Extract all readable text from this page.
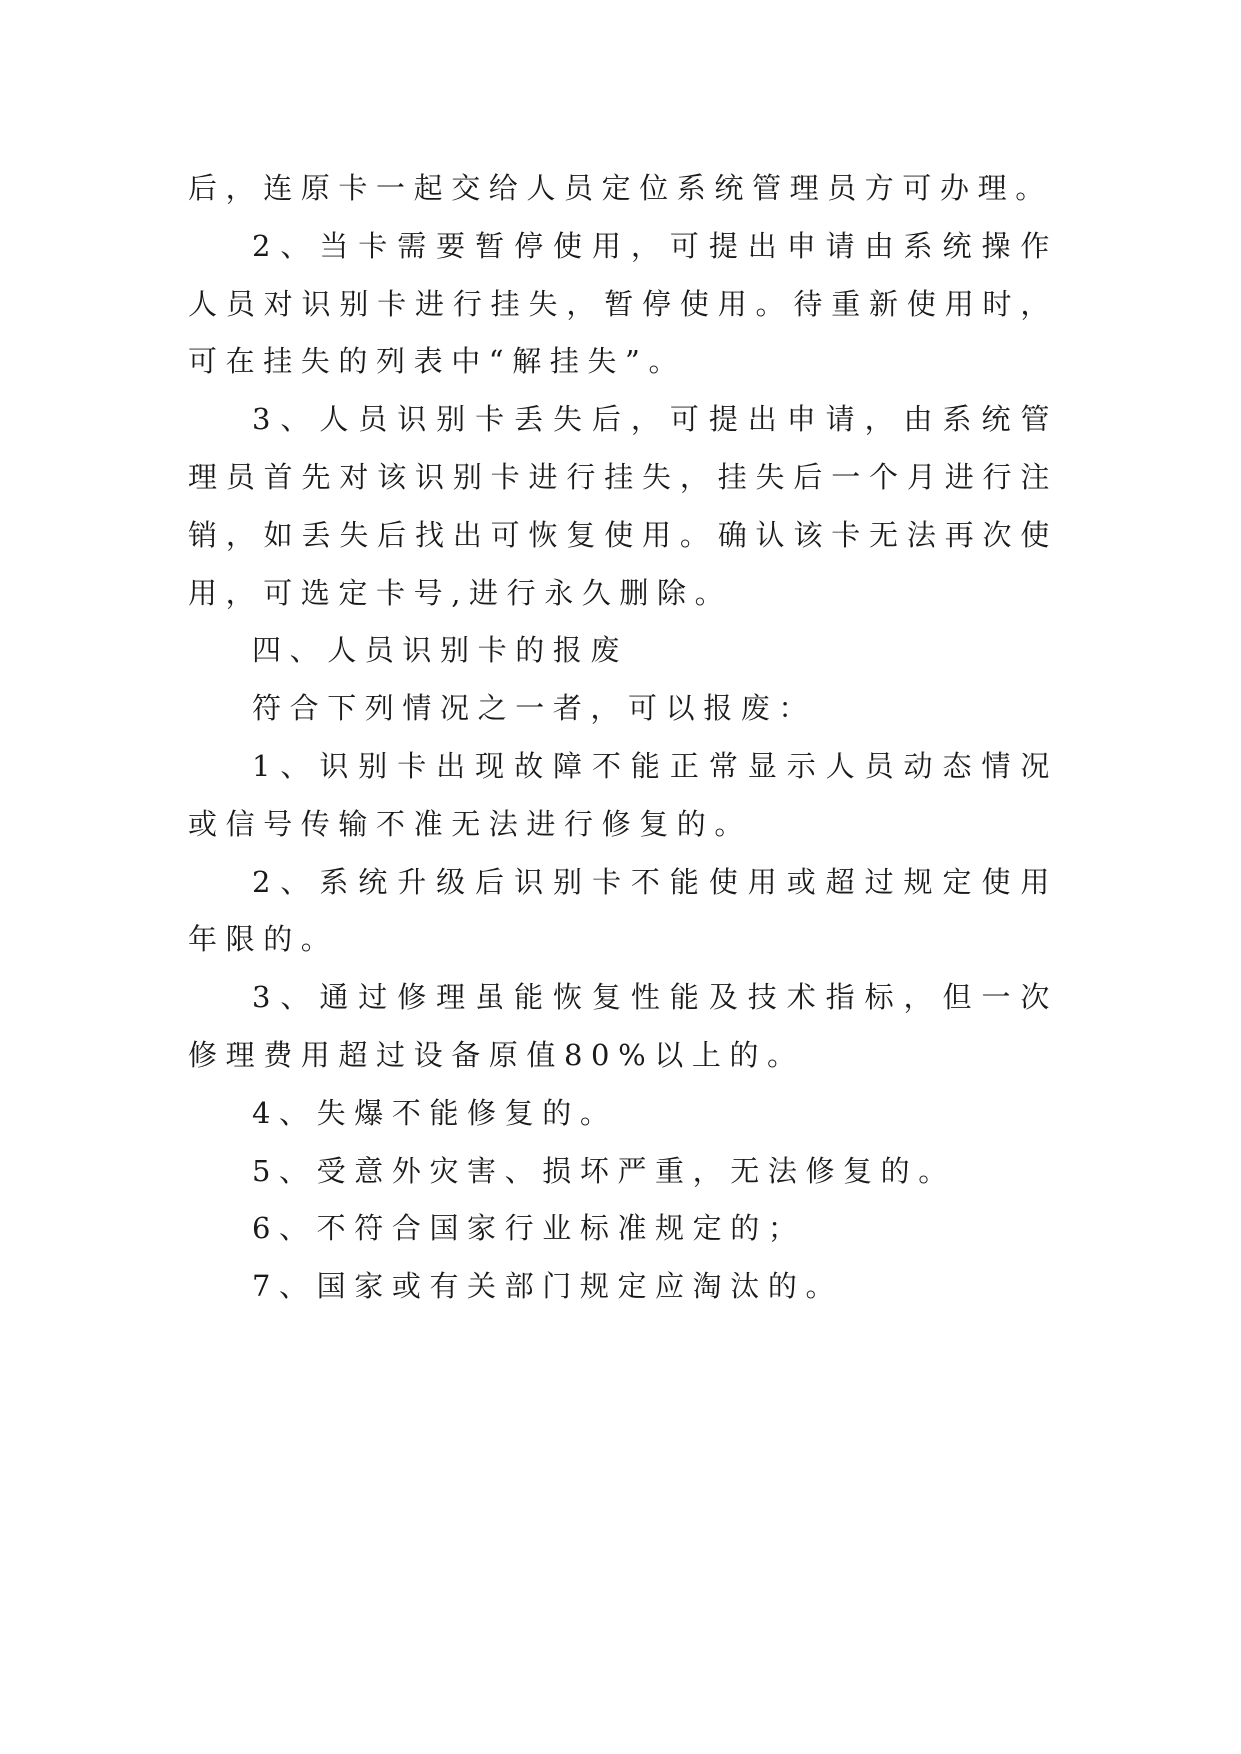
后，连原卡一起交给人员定位系统管理员方可办理。

2、当卡需要暂停使用，可提出申请由系统操作人员对识别卡进行挂失，暂停使用。待重新使用时，可在挂失的列表中“解挂失”。

3、人员识别卡丢失后，可提出申请，由系统管理员首先对该识别卡进行挂失，挂失后一个月进行注销，如丢失后找出可恢复使用。确认该卡无法再次使用，可选定卡号,进行永久删除。

四、人员识别卡的报废

符合下列情况之一者，可以报废：

1、识别卡出现故障不能正常显示人员动态情况或信号传输不准无法进行修复的。

2、系统升级后识别卡不能使用或超过规定使用年限的。

3、通过修理虽能恢复性能及技术指标，但一次修理费用超过设备原值80%以上的。

4、失爆不能修复的。

5、受意外灾害、损坏严重，无法修复的。

6、不符合国家行业标准规定的；

7、国家或有关部门规定应淘汰的。
